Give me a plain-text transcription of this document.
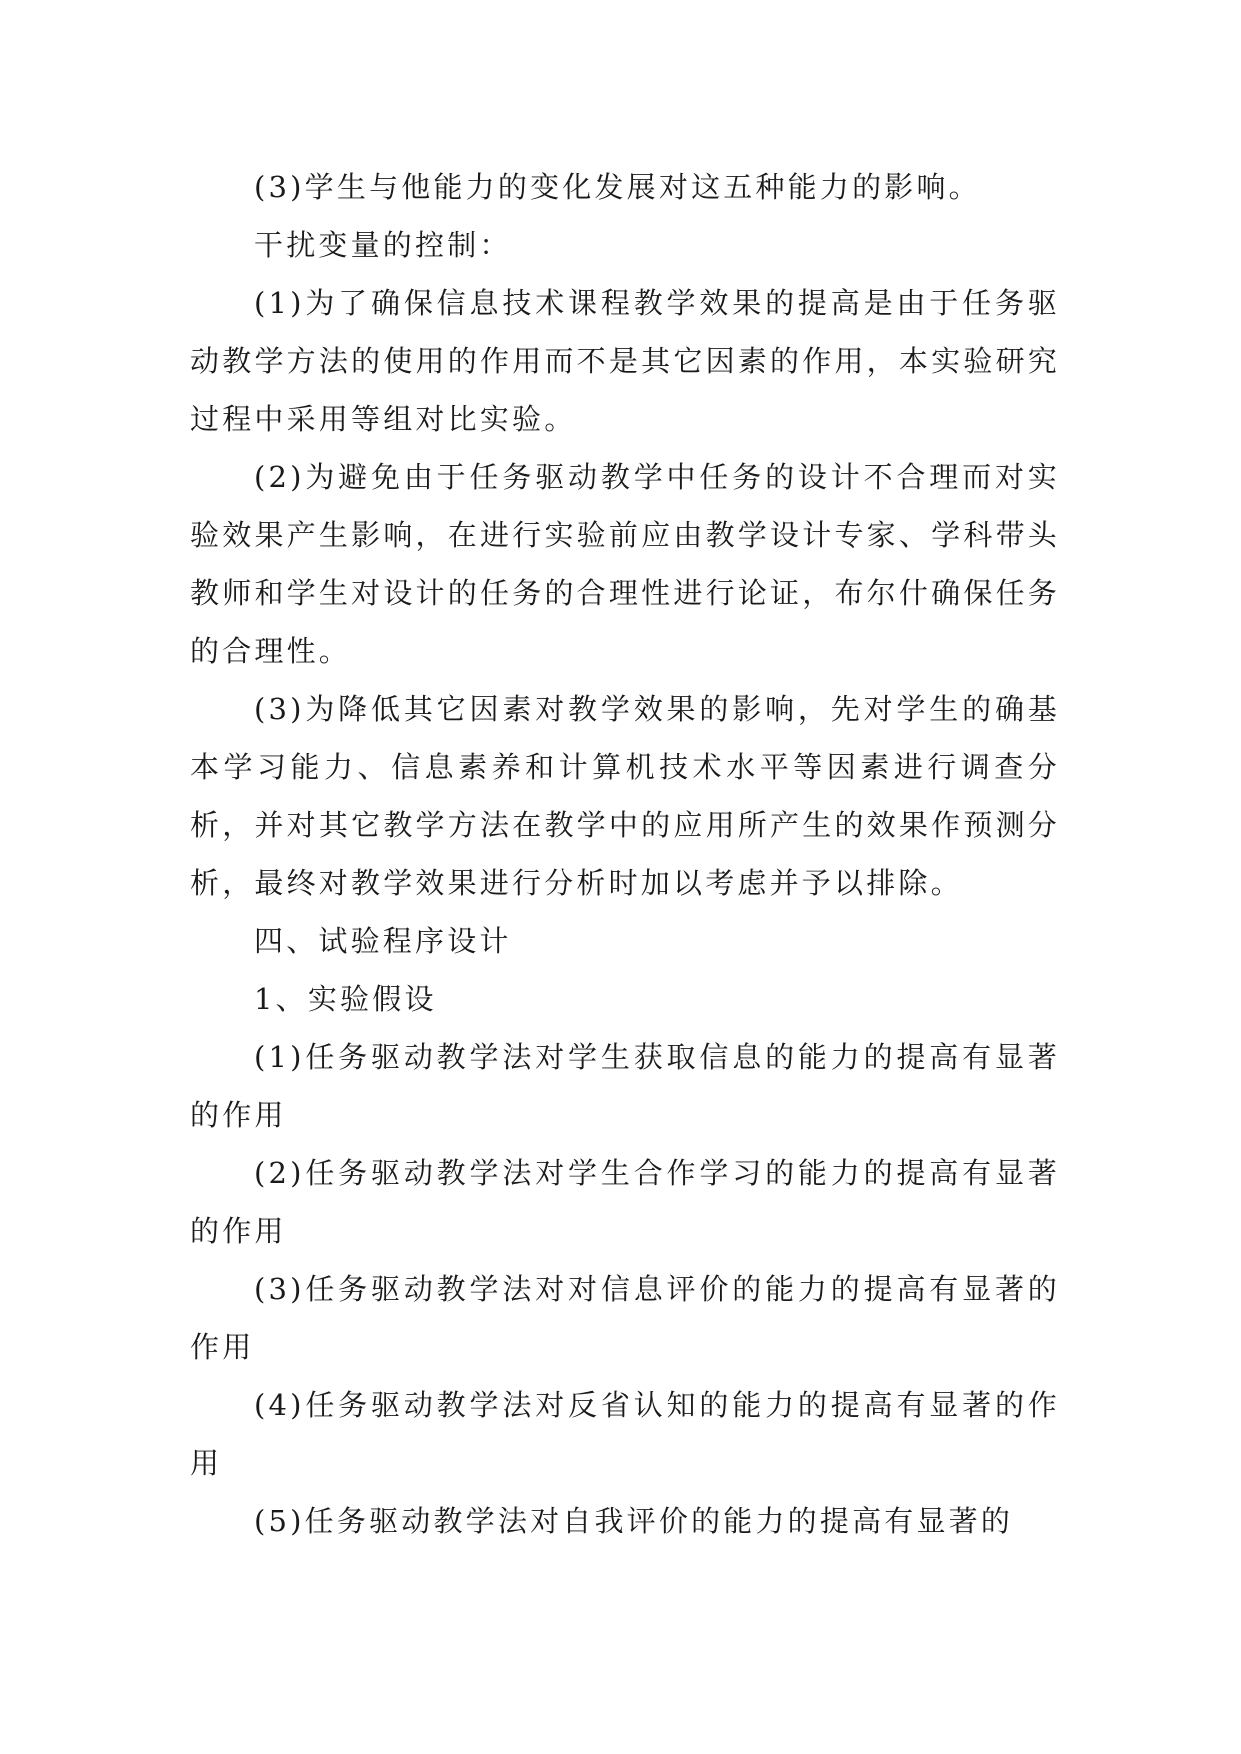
(3)学生与他能力的变化发展对这五种能力的影响。

干扰变量的控制：

(1)为了确保信息技术课程教学效果的提高是由于任务驱动教学方法的使用的作用而不是其它因素的作用，本实验研究过程中采用等组对比实验。

(2)为避免由于任务驱动教学中任务的设计不合理而对实验效果产生影响，在进行实验前应由教学设计专家、学科带头教师和学生对设计的任务的合理性进行论证，布尔什确保任务的合理性。

(3)为降低其它因素对教学效果的影响，先对学生的确基本学习能力、信息素养和计算机技术水平等因素进行调查分析，并对其它教学方法在教学中的应用所产生的效果作预测分析，最终对教学效果进行分析时加以考虑并予以排除。

四、试验程序设计

1、实验假设

(1)任务驱动教学法对学生获取信息的能力的提高有显著的作用

(2)任务驱动教学法对学生合作学习的能力的提高有显著的作用

(3)任务驱动教学法对对信息评价的能力的提高有显著的作用

(4)任务驱动教学法对反省认知的能力的提高有显著的作用

(5)任务驱动教学法对自我评价的能力的提高有显著的
